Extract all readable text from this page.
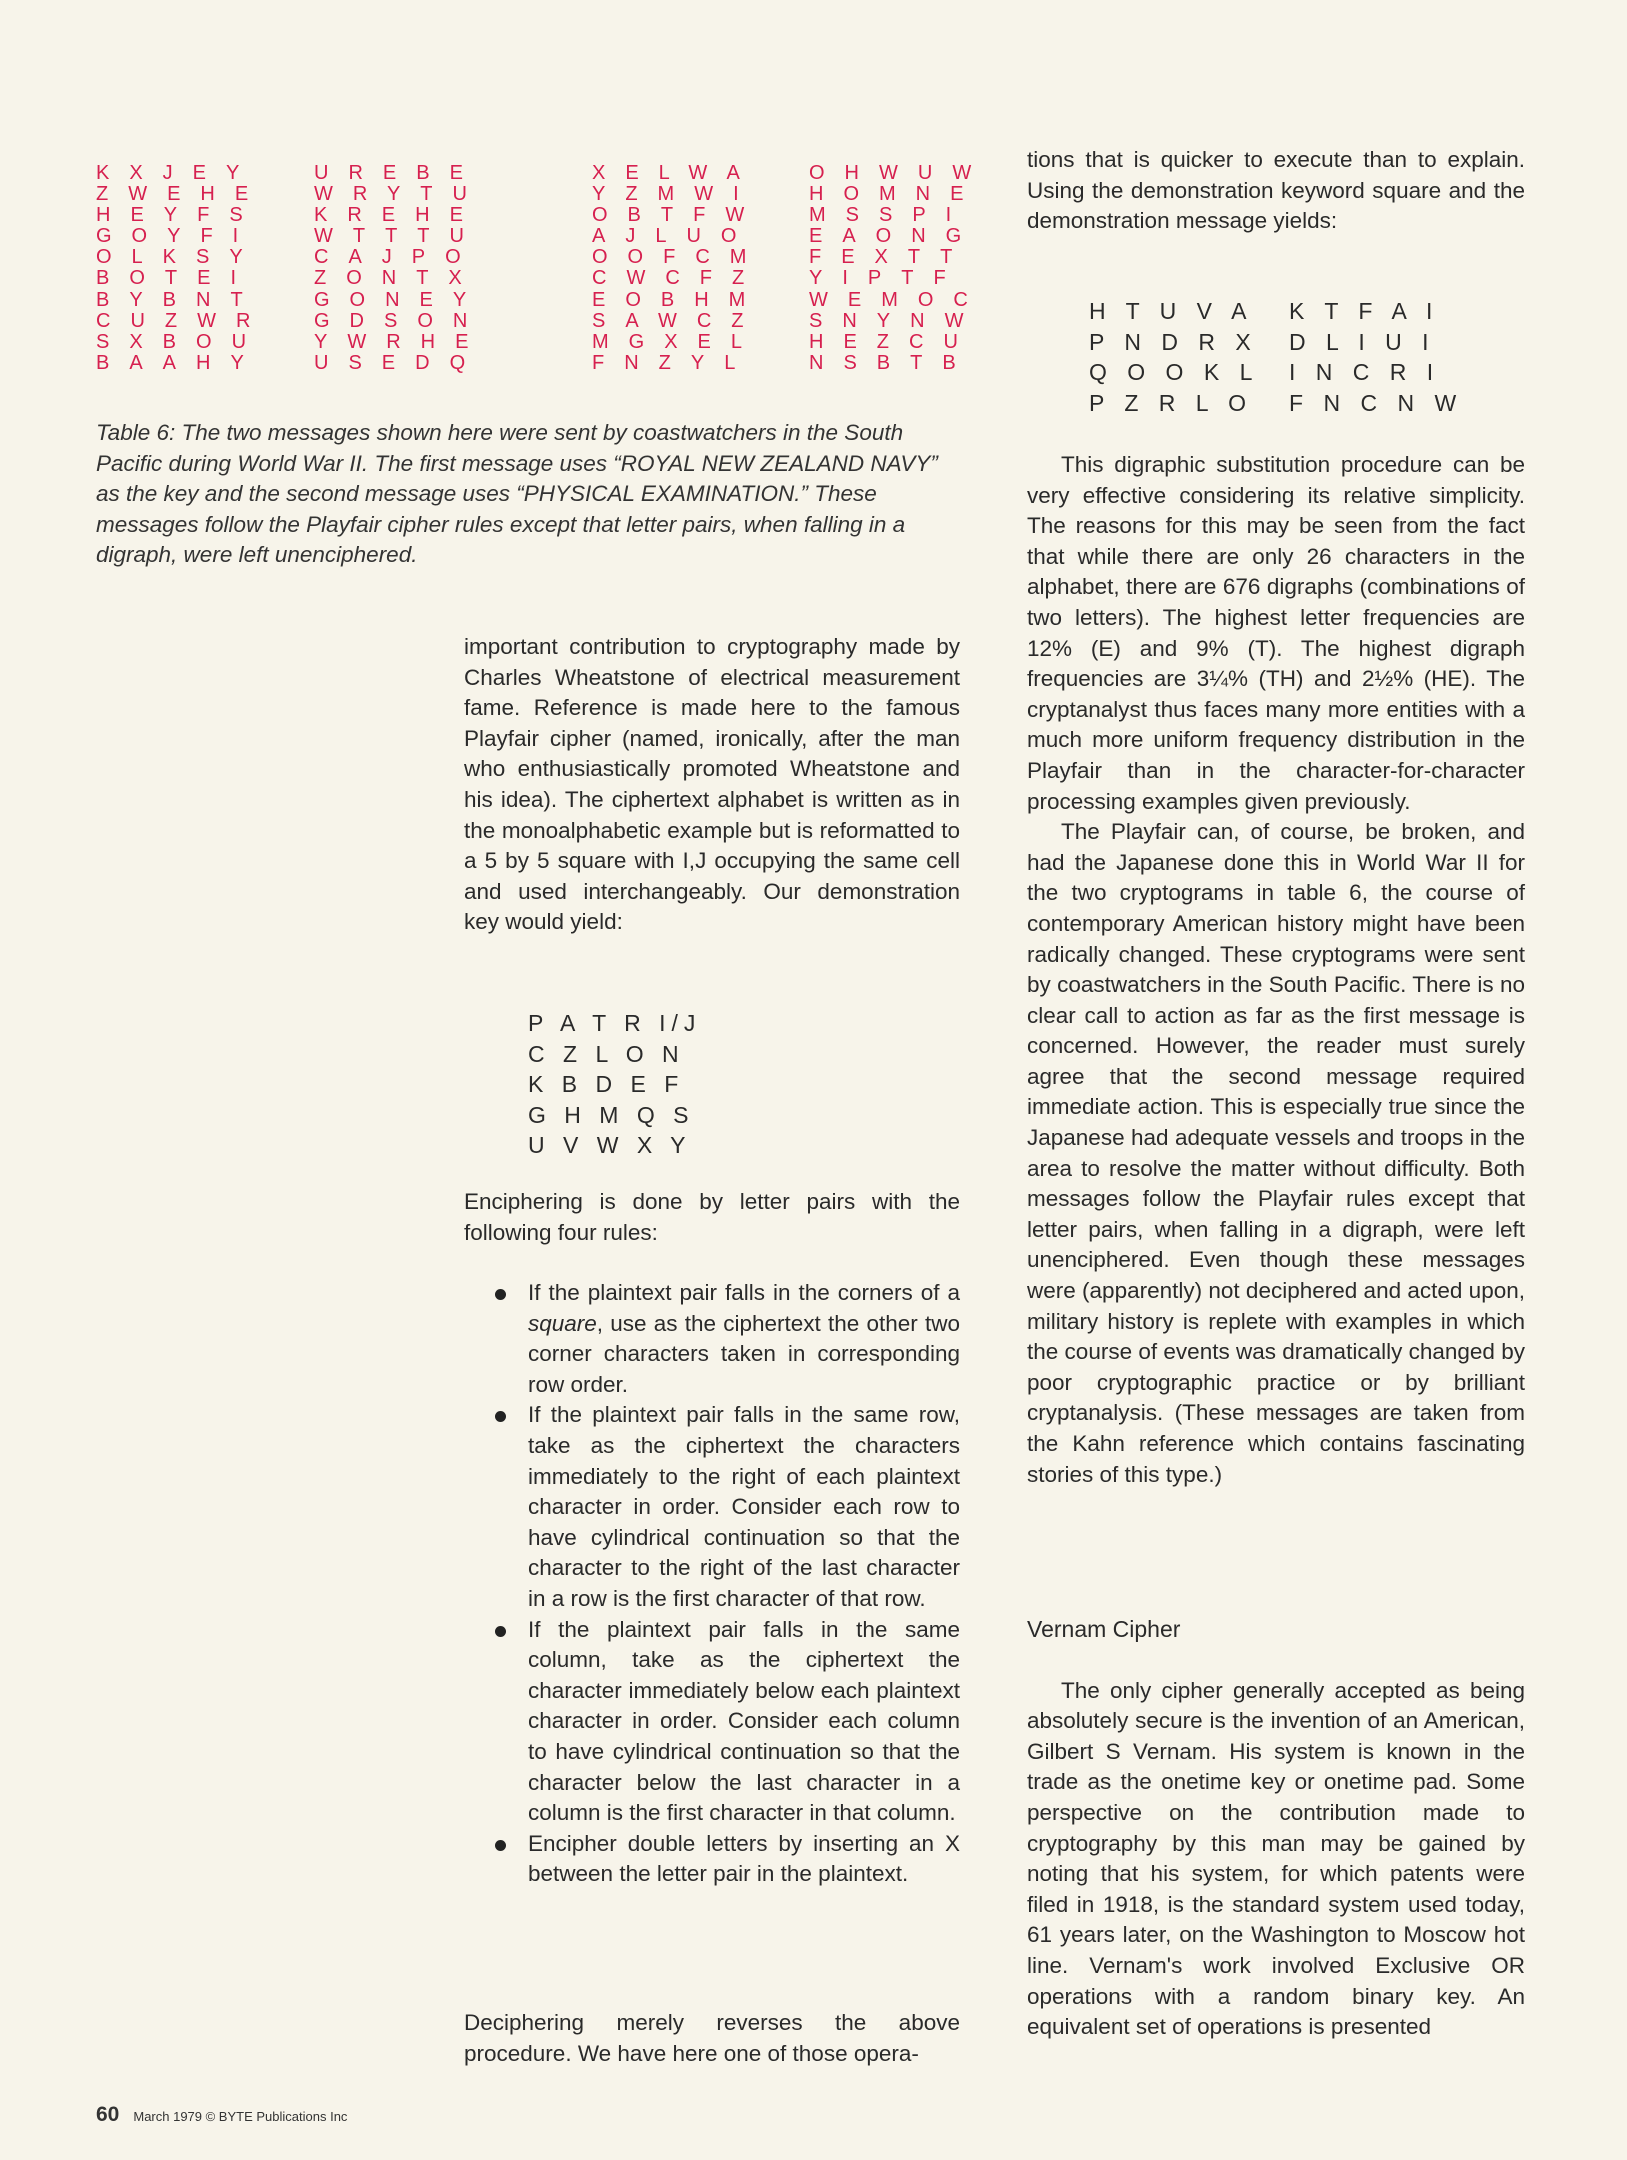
KXJEY
ZWEHE
HEYFS
GOYFI
OLKSY
BOTEI
BYBNT
CUZWR
SXBOU
BAAHY
UREBE
WRYTU
KREHE
WTTTU
CAJPO
ZONTX
GONEY
GDSON
YWRHE
USEDQ
XELWA
YZMWI
OBTFW
AJLUO
OOFCM
CWCFZ
EOBHM
SAWCZ
MGXEL
FNZYL
OHWUW
HOMNE
MSSPI
EAONG
FEXTT
YIPTF
WEMOC
SNYNW
HEZCU
NSBTB
Table 6: The two messages shown here were sent by coastwatchers in the South Pacific during World War II. The first message uses “ROYAL NEW ZEALAND NAVY” as the key and the second message uses “PHYSICAL EXAMINATION.” These messages follow the Playfair cipher rules except that letter pairs, when falling in a digraph, were left unenciphered.

important contribution to cryptography made by Charles Wheatstone of electrical measurement fame. Reference is made here to the famous Playfair cipher (named, ironically, after the man who enthusiastically promoted Wheatstone and his idea). The ciphertext alphabet is written as in the monoalphabetic example but is reformatted to a 5 by 5 square with I,J occupying the same cell and used interchangeably. Our demonstration key would yield:

P A T R I/J
C Z L O N
K B D E F
G H M Q S
U V W X Y

Enciphering is done by letter pairs with the following four rules:

If the plaintext pair falls in the corners of a square, use as the ciphertext the other two corner characters taken in corresponding row order.
If the plaintext pair falls in the same row, take as the ciphertext the characters immediately to the right of each plaintext character in order. Consider each row to have cylindrical continuation so that the character to the right of the last character in a row is the first character of that row.
If the plaintext pair falls in the same column, take as the ciphertext the character immediately below each plaintext character in order. Consider each column to have cylindrical continuation so that the character below the last character in a column is the first character in that column.
Encipher double letters by inserting an X between the letter pair in the plaintext.

Deciphering merely reverses the above procedure. We have here one of those opera-

tions that is quicker to execute than to explain. Using the demonstration keyword square and the demonstration message yields:

H T U V A
P N D R X
Q O O K L
P Z R L O
K T F A I
D L I U I
I N C R I
F N C N W

This digraphic substitution procedure can be very effective considering its relative simplicity. The reasons for this may be seen from the fact that while there are only 26 characters in the alphabet, there are 676 digraphs (combinations of two letters). The highest letter frequencies are 12% (E) and 9% (T). The highest digraph frequencies are 3¼% (TH) and 2½% (HE). The cryptanalyst thus faces many more entities with a much more uniform frequency distribution in the Playfair than in the character-for-character processing examples given previously.

The Playfair can, of course, be broken, and had the Japanese done this in World War II for the two cryptograms in table 6, the course of contemporary American history might have been radically changed. These cryptograms were sent by coastwatchers in the South Pacific. There is no clear call to action as far as the first message is concerned. However, the reader must surely agree that the second message required immediate action. This is especially true since the Japanese had adequate vessels and troops in the area to resolve the matter without difficulty. Both messages follow the Playfair rules except that letter pairs, when falling in a digraph, were left unenciphered. Even though these messages were (apparently) not deciphered and acted upon, military history is replete with examples in which the course of events was dramatically changed by poor cryptographic practice or by brilliant cryptanalysis. (These messages are taken from the Kahn reference which contains fascinating stories of this type.)

Vernam Cipher

The only cipher generally accepted as being absolutely secure is the invention of an American, Gilbert S Vernam. His system is known in the trade as the onetime key or onetime pad. Some perspective on the contribution made to cryptography by this man may be gained by noting that his system, for which patents were filed in 1918, is the standard system used today, 61 years later, on the Washington to Moscow hot line. Vernam's work involved Exclusive OR operations with a random binary key. An equivalent set of operations is presented

60 March 1979 © BYTE Publications Inc
